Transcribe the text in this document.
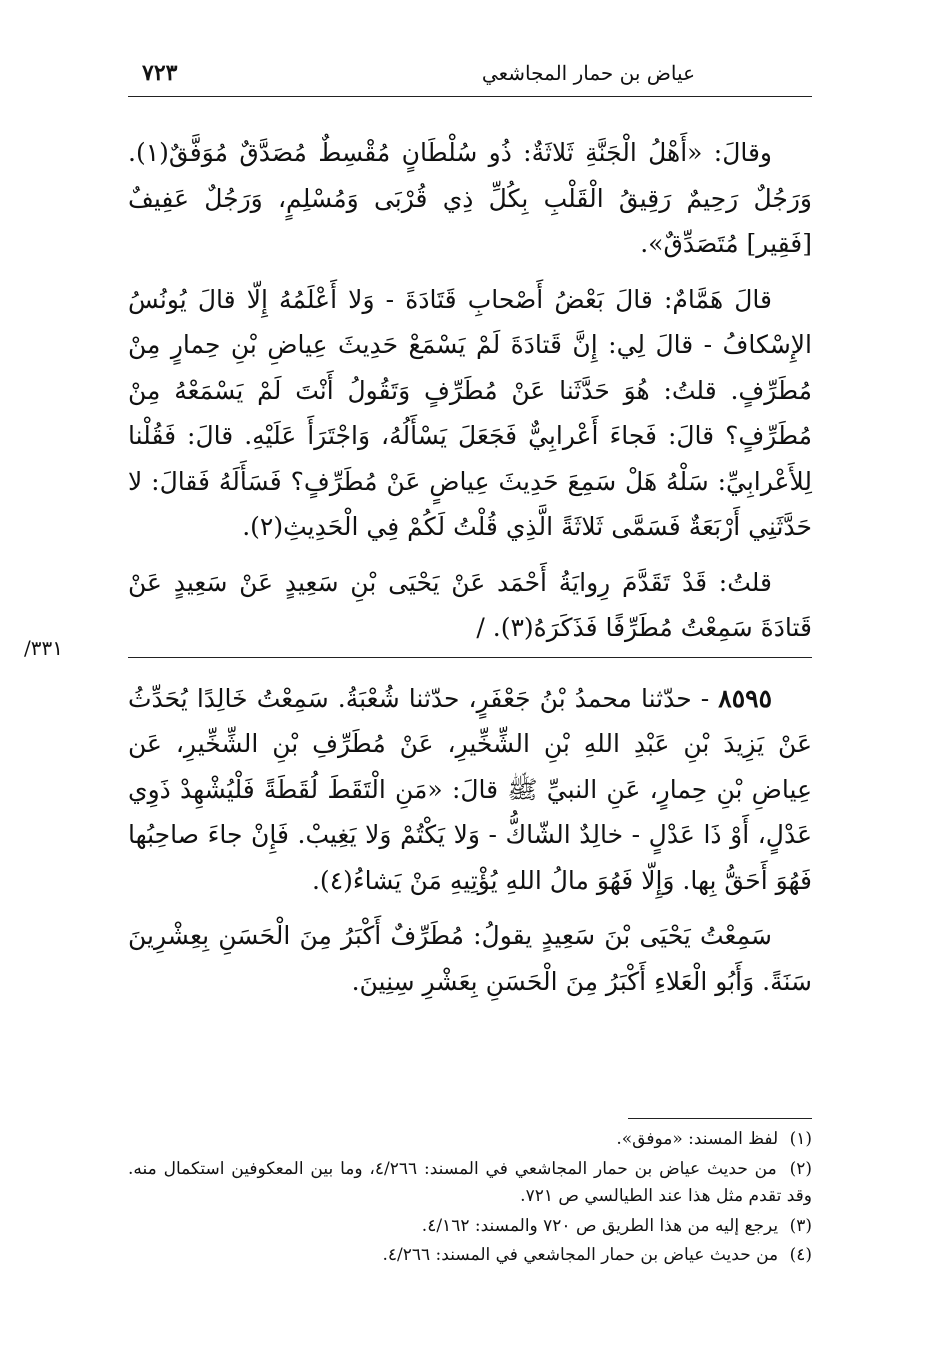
عياض بن حمار المجاشعي
٧٢٣
٣٣١/

وقالَ: «أَهْلُ الْجَنَّةِ ثَلاثَةٌ: ذُو سُلْطَانٍ مُقْسِطٌ مُصَدَّقٌ مُوَفَّقٌ(١). وَرَجُلٌ رَحِيمٌ رَقِيقُ الْقَلْبِ بِكُلِّ ذِي قُرْبَى وَمُسْلِمٍ، وَرَجُلٌ عَفِيفٌ [فَقِير] مُتَصَدِّقٌ».

قالَ هَمَّامٌ: قالَ بَعْضُ أَصْحابِ قَتَادَةَ - وَلا أَعْلَمُهُ إِلّا قالَ يُونُسُ الإِسْكافُ - قالَ لِي: إِنَّ قَتادَةَ لَمْ يَسْمَعْ حَدِيثَ عِياضِ بْنِ حِمارٍ مِنْ مُطَرِّفٍ. قلتُ: هُوَ حَدَّثَنا عَنْ مُطَرِّفٍ وَتَقُولُ أَنْتَ لَمْ يَسْمَعْهُ مِنْ مُطَرِّفٍ؟ قالَ: فَجاءَ أَعْرابِيٌّ فَجَعَلَ يَسْأَلُهُ، وَاجْتَرَأَ عَلَيْهِ. قالَ: فَقُلْنا لِلأَعْرابِيِّ: سَلْهُ هَلْ سَمِعَ حَدِيثَ عِياضٍ عَنْ مُطَرِّفٍ؟ فَسَأَلَهُ فَقالَ: لا حَدَّثَنِي أَرْبَعَةٌ فَسَمَّى ثَلاثَةً الَّذِي قُلْتُ لَكُمْ فِي الْحَدِيثِ(٢).

قلتُ: قَدْ تَقَدَّمَ رِوايَةُ أَحْمَد عَنْ يَحْيَى بْنِ سَعِيدٍ عَنْ سَعِيدٍ عَنْ قَتادَةَ سَمِعْتُ مُطَرِّفًا فَذَكَرَهُ(٣). /

٨٥٩٥ - حدّثنا محمدُ بْنُ جَعْفَرٍ، حدّثنا شُعْبَةُ. سَمِعْتُ خَالِدًا يُحَدِّثُ عَنْ يَزِيدَ بْنِ عَبْدِ اللهِ بْنِ الشِّخِّيرِ، عَنْ مُطَرِّفِ بْنِ الشِّخِّيرِ، عَن عِياضِ بْنِ حِمارٍ، عَنِ النبيِّ ﷺ قالَ: «مَنِ الْتَقَطَ لُقَطَةً فَلْيُشْهِدْ ذَوِي عَدْلٍ، أَوْ ذَا عَدْلٍ - خالِدٌ الشّاكُّ - وَلا يَكْتُمْ وَلا يَغِيبْ. فَإِنْ جاءَ صاحِبُها فَهُوَ أَحَقُّ بِها. وَإِلّا فَهُوَ مالُ اللهِ يُؤْتِيهِ مَنْ يَشاءُ(٤).

سَمِعْتُ يَحْيَى بْنَ سَعِيدٍ يقولُ: مُطَرِّفٌ أَكْبَرُ مِنَ الْحَسَنِ بِعِشْرِينَ سَنَةً. وَأَبُو الْعَلاءِ أَكْبَرُ مِنَ الْحَسَنِ بِعَشْرِ سِنِينَ.

(١) لفظ المسند: «موفق».

(٢) من حديث عياض بن حمار المجاشعي في المسند: ٤/٢٦٦، وما بين المعكوفين استكمال منه. وقد تقدم مثل هذا عند الطيالسي ص ٧٢١.

(٣) يرجع إليه من هذا الطريق ص ٧٢٠ والمسند: ٤/١٦٢.

(٤) من حديث عياض بن حمار المجاشعي في المسند: ٤/٢٦٦.
